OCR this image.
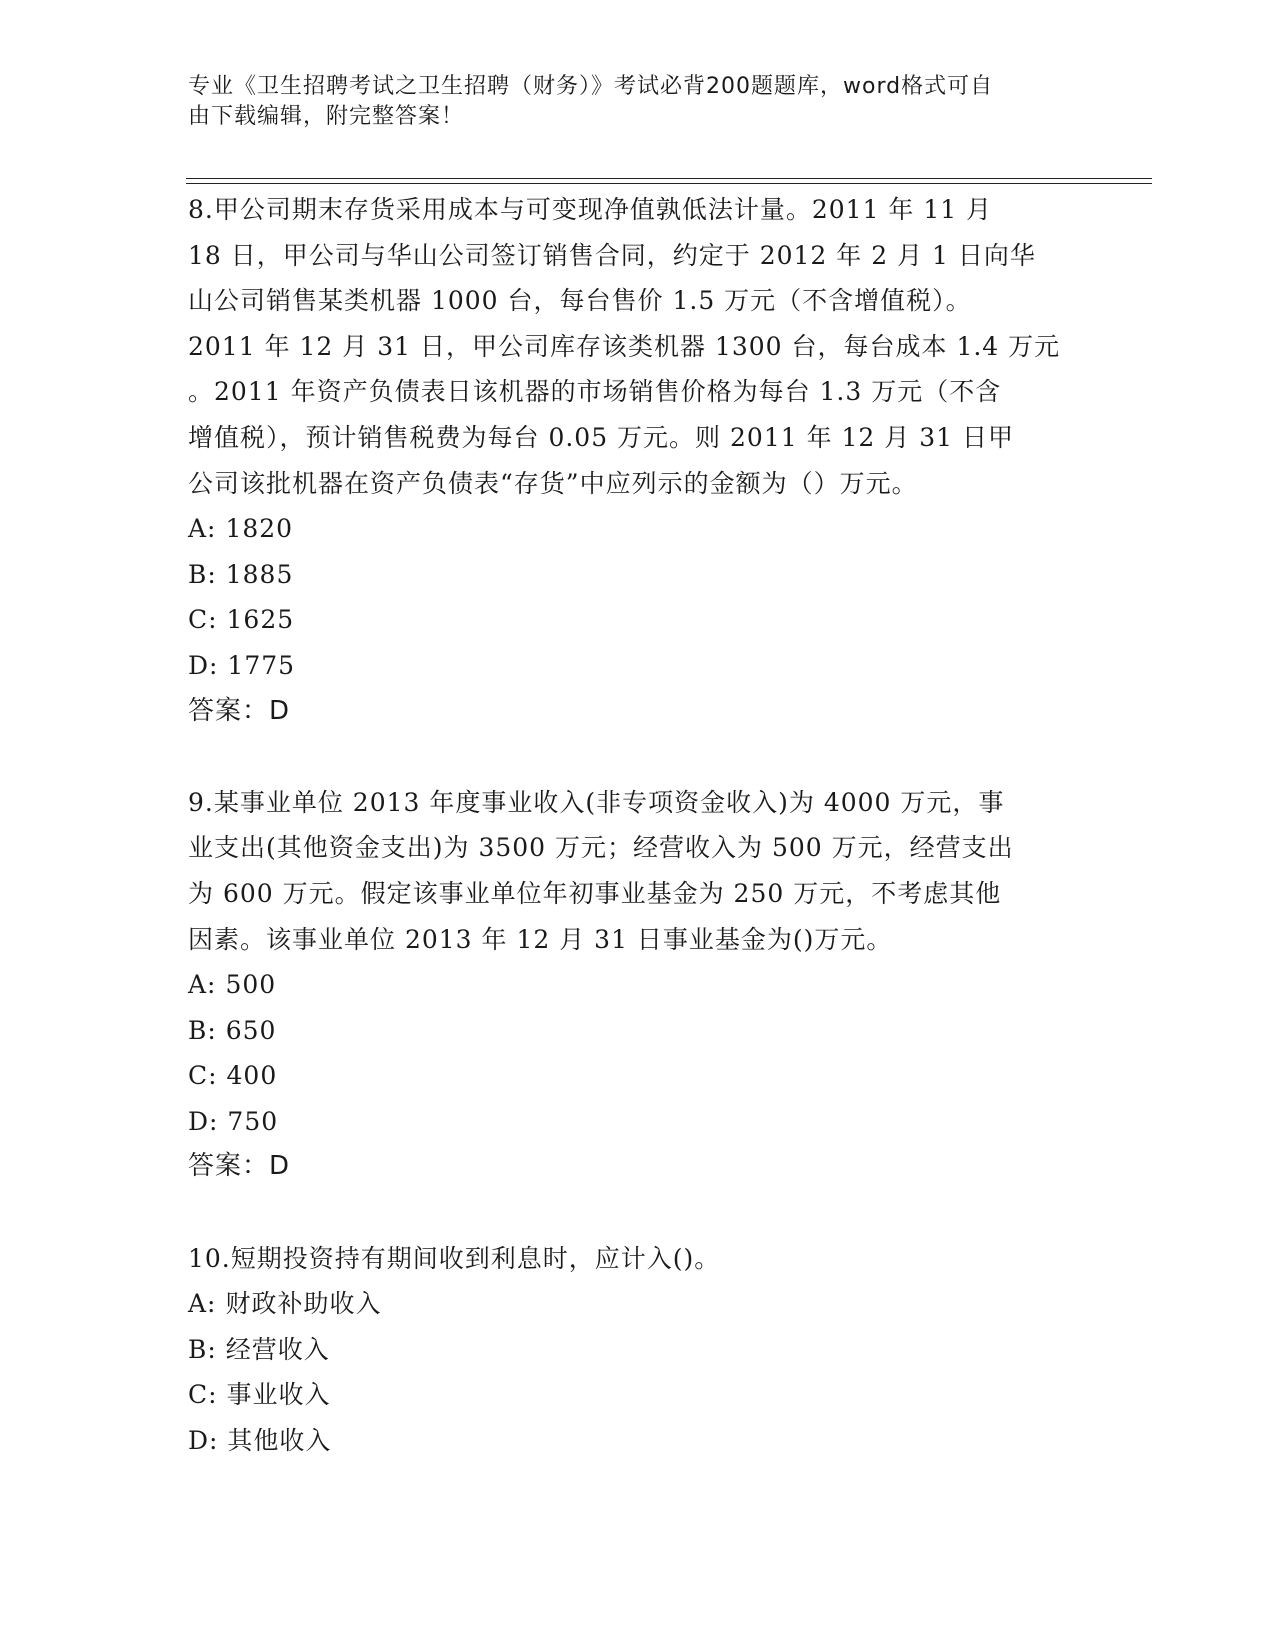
专业《卫生招聘考试之卫生招聘（财务）》考试必背200题题库，word格式可自
由下载编辑，附完整答案！
8.甲公司期末存货采用成本与可变现净值孰低法计量。2011 年 11 月
18 日，甲公司与华山公司签订销售合同，约定于 2012 年 2 月 1 日向华
山公司销售某类机器 1000 台，每台售价 1.5 万元（不含增值税）。
2011 年 12 月 31 日，甲公司库存该类机器 1300 台，每台成本 1.4 万元
。2011 年资产负债表日该机器的市场销售价格为每台 1.3 万元（不含
增值税），预计销售税费为每台 0.05 万元。则 2011 年 12 月 31 日甲
公司该批机器在资产负债表“存货”中应列示的金额为（）万元。
A: 1820
B: 1885
C: 1625
D: 1775
答案：D
9.某事业单位 2013 年度事业收入(非专项资金收入)为 4000 万元，事
业支出(其他资金支出)为 3500 万元；经营收入为 500 万元，经营支出
为 600 万元。假定该事业单位年初事业基金为 250 万元，不考虑其他
因素。该事业单位 2013 年 12 月 31 日事业基金为()万元。
A: 500
B: 650
C: 400
D: 750
答案：D
10.短期投资持有期间收到利息时，应计入()。
A: 财政补助收入
B: 经营收入
C: 事业收入
D: 其他收入
